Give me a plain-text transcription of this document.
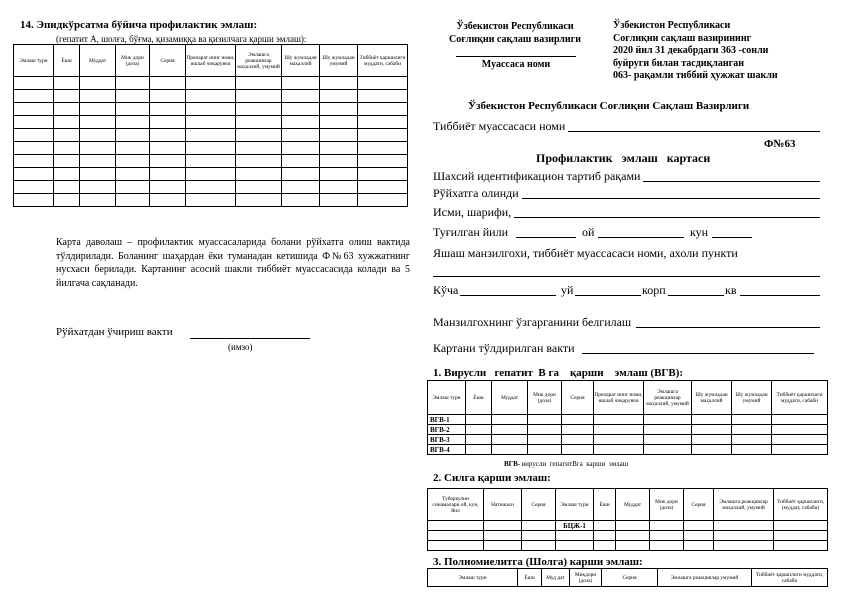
14. Эпидкўрсатма бўйича профилактик эмлаш:
(гепатит А, шолғa, бўғмa, қизамиққа ва қизилчага қарши эмлаш):
Эмлаш тури	Ёши	Муддат	Мик дори (доза)	Серия	Препарат нинг номи, ишлаб чиқарувчи	Эмлашга реакциялар маҳаллий, умумий	Шу жумладан маҳаллий	Шу жумладан умумий	Тиббиёт қаршилиги муддати, сабаби

Карта даволаш – профилактик муассасаларида болани рўйхатга олиш вактида тўлдирилади. Боланинг шаҳардан ёки туманадан кетишида Ф№63 хужжатнинг нусхаси берилади. Картанинг асосий шакли тиббиёт муассасасида колади ва 5 йилгача сақланади.
Рўйхатдан ўчириш вакти
(имзо)
Ўзбекистон Республикаси
Соғлиқни сақлаш вазирлиги
Муассаса номи
Ўзбекистон Республикаси
Соғлиқни сақлаш вазирининг
2020 йил 31 декабрдаги 363 -сонли
буйруги билан тасдиқланган
063- рақамли тиббий ҳужжат шакли
Ўзбекистон Республикаси Соғлиқни Сақлаш Вазирлиги
Тиббиёт муассасаси номи
Ф№63
Профилактик   эмлаш   картаси
Шахсий идентификацион тартиб рақами
Рўйхатга олинди
Исми, шарифи,
Туғилган йили	ой	кун
Яшаш манзилгохи, тиббиёт муассасаси номи, ахоли пункти
Кўча	уй	корп	кв
Манзилгохнинг ўзгарганини белгилаш
Картани тўлдирилган вакти
1. Вирусли   гепатит  В га    қарши    эмлаш (ВГВ):
Эмлаш тури	Ёши	Муддат	Мик дори (доза)	Серия	Препарат нинг номи, ишлаб чиқарувчи	Эмлашга реакциялар маҳаллий, умумий	Шу жумладан маҳаллий	Шу жумладан умумий	Тиббиёт қаршилиги муддати, сабаби
ВГВ-1									
ВГВ-2									
ВГВ-3									
ВГВ-4									
ВГВ- вирусли  гепатитВга  карши  эмлаш
2. Силга қарши эмлаш:
Туберкулин синамалари ой, кун, йил	Натижаси	Серия	Эмлаш тури	Ёши	Муддат	Мик дори (доза)	Серия	Эмлашга реакциялар маҳаллий, умумий	Тиббиёт қаршилиги, (муддат, сабаби)
			БЦЖ-1						

3. Полиомиелитга (Шолга) карши эмлаш:
Эмлаш тури	Ёши	Муд дат	Миқдори (доза)	Серия	Эмлашга реакциялар умумий	Тиббиёт қаршилиги муддати, сабаби
